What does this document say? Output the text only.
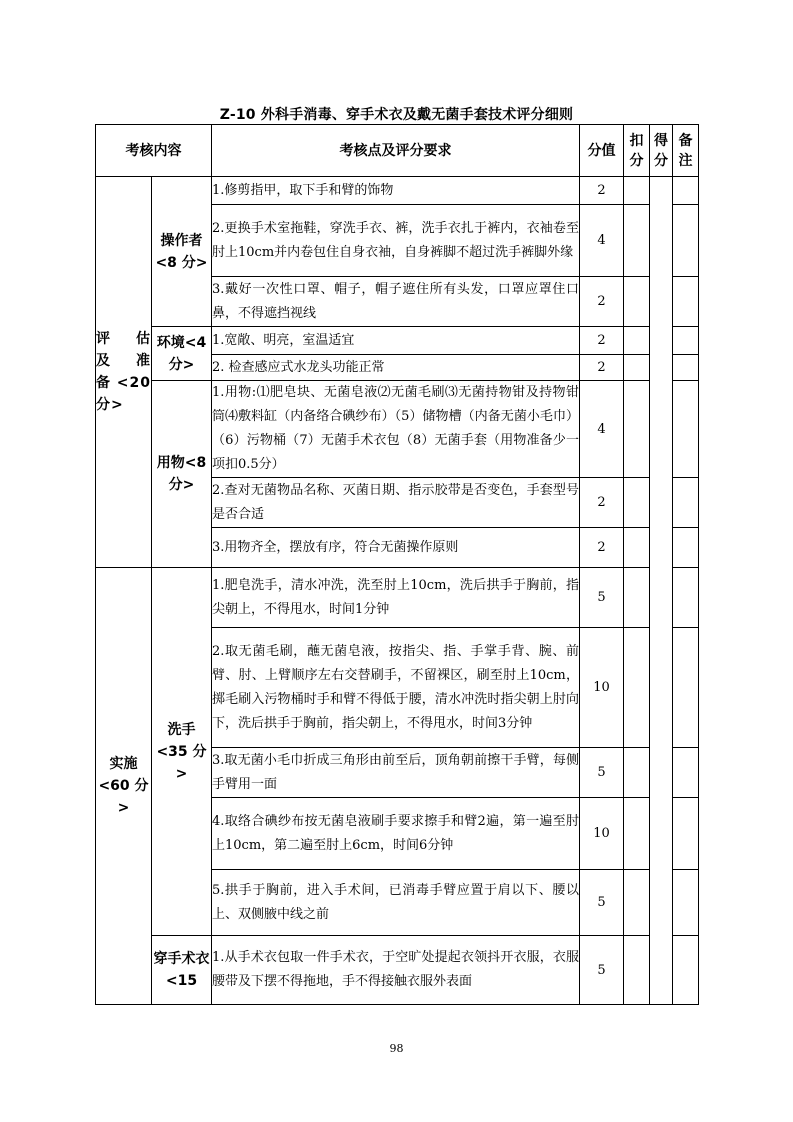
Z-10 外科手消毒、穿手术衣及戴无菌手套技术评分细则
考核内容		考核点及评分要求	分值	扣分	得分	备注
评 估 及 准 备<20 分>	操作者<8 分>	1.修剪指甲，取下手和臂的饰物	2			
		2.更换手术室拖鞋，穿洗手衣、裤，洗手衣扎于裤内，衣袖卷至肘上10cm并内卷包住自身衣袖，自身裤脚不超过洗手裤脚外缘	4			
		3.戴好一次性口罩、帽子，帽子遮住所有头发，口罩应罩住口鼻，不得遮挡视线	2			
	环境<4 分>	1.宽敞、明亮，室温适宜	2			
		2. 检查感应式水龙头功能正常	2			
	用物<8 分>	1.用物:⑴肥皂块、无菌皂液⑵无菌毛刷⑶无菌持物钳及持物钳筒⑷敷料缸（内备络合碘纱布）（5）储物槽（内备无菌小毛巾）（6）污物桶（7）无菌手术衣包（8）无菌手套（用物准备少一项扣0.5分）	4			
		2.查对无菌物品名称、灭菌日期、指示胶带是否变色，手套型号是否合适	2			
		3.用物齐全，摆放有序，符合无菌操作原则	2			
实施<60 分>	洗手<35 分>	1.肥皂洗手，清水冲洗，洗至肘上10cm，洗后拱手于胸前，指尖朝上，不得甩水，时间1分钟	5			
		2.取无菌毛刷，蘸无菌皂液，按指尖、指、手掌手背、腕、前臂、肘、上臂顺序左右交替刷手，不留裸区，刷至肘上10cm，掷毛刷入污物桶时手和臂不得低于腰，清水冲洗时指尖朝上肘向下，洗后拱手于胸前，指尖朝上，不得甩水，时间3分钟	10			
		3.取无菌小毛巾折成三角形由前至后，顶角朝前擦干手臂，每侧手臂用一面	5			
		4.取络合碘纱布按无菌皂液刷手要求擦手和臂2遍，第一遍至肘上10cm，第二遍至肘上6cm，时间6分钟	10			
		5.拱手于胸前，进入手术间，已消毒手臂应置于肩以下、腰以上、双侧腋中线之前	5			
	穿手术衣<15	1.从手术衣包取一件手术衣，于空旷处提起衣领抖开衣服，衣服腰带及下摆不得拖地，手不得接触衣服外表面	5			
98
